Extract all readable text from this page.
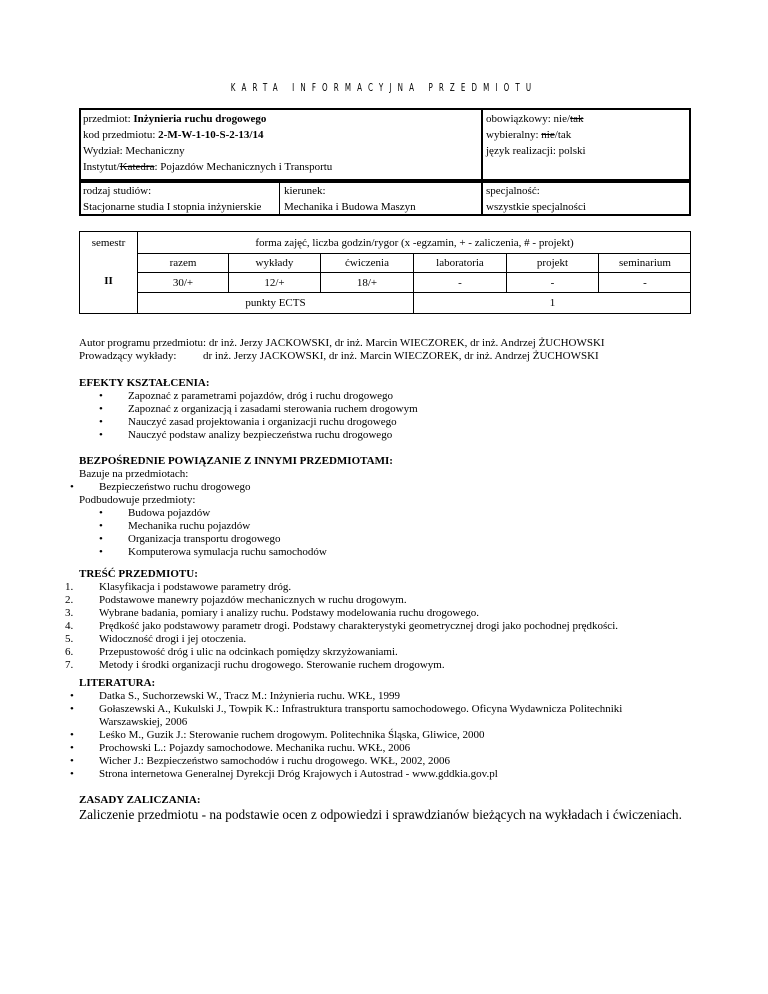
KARTA INFORMACYJNA PRZEDMIOTU
przedmiot: Inżynieria ruchu drogowego
kod przedmiotu: 2-M-W-1-10-S-2-13/14
Wydział: Mechaniczny
Instytut/Katedra: Pojazdów Mechanicznych i Transportu
obowiązkowy: nie/tak
wybieralny: nie/tak
język realizacji: polski
rodzaj studiów:
Stacjonarne studia I stopnia inżynierskie
kierunek:
Mechanika i Budowa Maszyn
specjalność:
wszystkie specjalności
semestr
II
forma zajęć, liczba godzin/rygor (x -egzamin, + - zaliczenia, # - projekt)
razem	wykłady	ćwiczenia	laboratoria	projekt	seminarium
30/+	12/+	18/+	-	-	-
punkty ECTS	1
Autor programu przedmiotu: dr inż. Jerzy JACKOWSKI, dr inż. Marcin WIECZOREK, dr inż. Andrzej ŻUCHOWSKI
Prowadzący wykłady: dr inż. Jerzy JACKOWSKI, dr inż. Marcin WIECZOREK, dr inż. Andrzej ŻUCHOWSKI
EFEKTY KSZTAŁCENIA:
• Zapoznać z parametrami pojazdów, dróg i ruchu drogowego
• Zapoznać z organizacją i zasadami sterowania ruchem drogowym
• Nauczyć zasad projektowania i organizacji ruchu drogowego
• Nauczyć podstaw analizy bezpieczeństwa ruchu drogowego
BEZPOŚREDNIE POWIĄZANIE Z INNYMI PRZEDMIOTAMI:
Bazuje na przedmiotach:
• Bezpieczeństwo ruchu drogowego
Podbudowuje przedmioty:
• Budowa pojazdów
• Mechanika ruchu pojazdów
• Organizacja transportu drogowego
• Komputerowa symulacja ruchu samochodów
TREŚĆ PRZEDMIOTU:
1. Klasyfikacja i podstawowe parametry dróg.
2. Podstawowe manewry pojazdów mechanicznych w ruchu drogowym.
3. Wybrane badania, pomiary i analizy ruchu. Podstawy modelowania ruchu drogowego.
4. Prędkość jako podstawowy parametr drogi. Podstawy charakterystyki geometrycznej drogi jako pochodnej prędkości.
5. Widoczność drogi i jej otoczenia.
6. Przepustowość dróg i ulic na odcinkach pomiędzy skrzyżowaniami.
7. Metody i środki organizacji ruchu drogowego. Sterowanie ruchem drogowym.
LITERATURA:
• Datka S., Suchorzewski W., Tracz M.: Inżynieria ruchu. WKŁ, 1999
• Gołaszewski A., Kukulski J., Towpik K.: Infrastruktura transportu samochodowego. Oficyna Wydawnicza Politechniki
Warszawskiej, 2006
• Leśko M., Guzik J.: Sterowanie ruchem drogowym. Politechnika Śląska, Gliwice, 2000
• Prochowski L.: Pojazdy samochodowe. Mechanika ruchu. WKŁ, 2006
• Wicher J.: Bezpieczeństwo samochodów i ruchu drogowego. WKŁ, 2002, 2006
• Strona internetowa Generalnej Dyrekcji Dróg Krajowych i Autostrad - www.gddkia.gov.pl
ZASADY ZALICZANIA:
Zaliczenie przedmiotu - na podstawie ocen z odpowiedzi i sprawdzianów bieżących na wykładach i ćwiczeniach.
